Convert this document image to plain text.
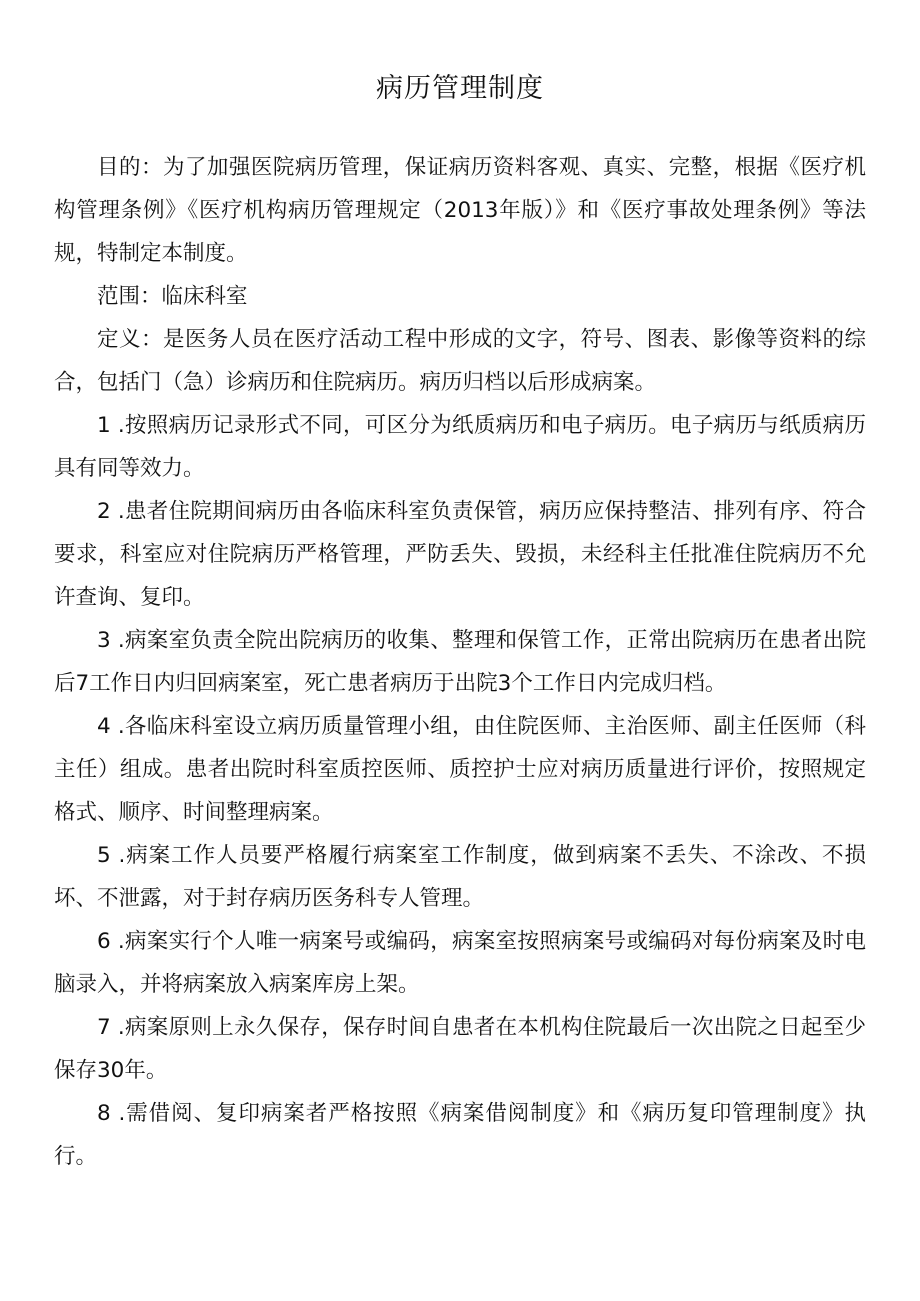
病历管理制度

目的：为了加强医院病历管理，保证病历资料客观、真实、完整，根据《医疗机构管理条例》《医疗机构病历管理规定（2013年版）》和《医疗事故处理条例》等法规，特制定本制度。

范围：临床科室

定义：是医务人员在医疗活动工程中形成的文字，符号、图表、影像等资料的综合，包括门（急）诊病历和住院病历。病历归档以后形成病案。

1 .按照病历记录形式不同，可区分为纸质病历和电子病历。电子病历与纸质病历具有同等效力。

2 .患者住院期间病历由各临床科室负责保管，病历应保持整洁、排列有序、符合要求，科室应对住院病历严格管理，严防丢失、毁损，未经科主任批准住院病历不允许查询、复印。

3 .病案室负责全院出院病历的收集、整理和保管工作，正常出院病历在患者出院后7工作日内归回病案室，死亡患者病历于出院3个工作日内完成归档。

4 .各临床科室设立病历质量管理小组，由住院医师、主治医师、副主任医师（科主任）组成。患者出院时科室质控医师、质控护士应对病历质量进行评价，按照规定格式、顺序、时间整理病案。

5 .病案工作人员要严格履行病案室工作制度，做到病案不丢失、不涂改、不损坏、不泄露，对于封存病历医务科专人管理。

6 .病案实行个人唯一病案号或编码，病案室按照病案号或编码对每份病案及时电脑录入，并将病案放入病案库房上架。

7 .病案原则上永久保存，保存时间自患者在本机构住院最后一次出院之日起至少保存30年。

8 .需借阅、复印病案者严格按照《病案借阅制度》和《病历复印管理制度》执行。
